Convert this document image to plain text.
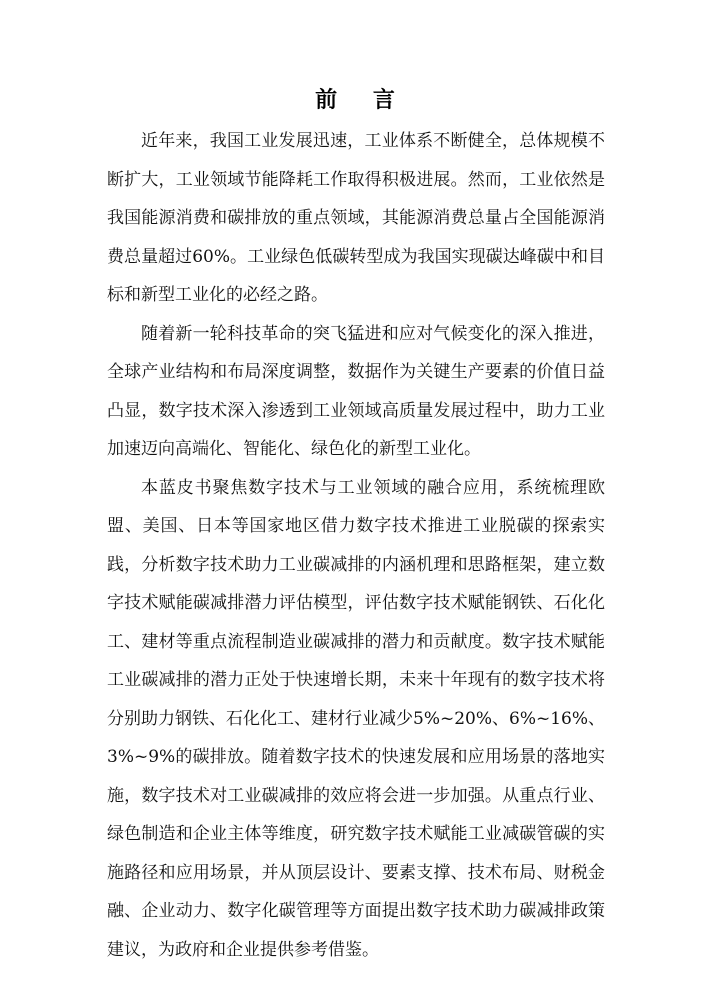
前 言

近年来，我国工业发展迅速，工业体系不断健全，总体规模不断扩大，工业领域节能降耗工作取得积极进展。然而，工业依然是我国能源消费和碳排放的重点领域，其能源消费总量占全国能源消费总量超过60%。工业绿色低碳转型成为我国实现碳达峰碳中和目标和新型工业化的必经之路。

随着新一轮科技革命的突飞猛进和应对气候变化的深入推进，全球产业结构和布局深度调整，数据作为关键生产要素的价值日益凸显，数字技术深入渗透到工业领域高质量发展过程中，助力工业加速迈向高端化、智能化、绿色化的新型工业化。

本蓝皮书聚焦数字技术与工业领域的融合应用，系统梳理欧盟、美国、日本等国家地区借力数字技术推进工业脱碳的探索实践，分析数字技术助力工业碳减排的内涵机理和思路框架，建立数字技术赋能碳减排潜力评估模型，评估数字技术赋能钢铁、石化化工、建材等重点流程制造业碳减排的潜力和贡献度。数字技术赋能工业碳减排的潜力正处于快速增长期，未来十年现有的数字技术将分别助力钢铁、石化化工、建材行业减少5%~20%、6%~16%、3%~9%的碳排放。随着数字技术的快速发展和应用场景的落地实施，数字技术对工业碳减排的效应将会进一步加强。从重点行业、绿色制造和企业主体等维度，研究数字技术赋能工业减碳管碳的实施路径和应用场景，并从顶层设计、要素支撑、技术布局、财税金融、企业动力、数字化碳管理等方面提出数字技术助力碳减排政策建议，为政府和企业提供参考借鉴。
